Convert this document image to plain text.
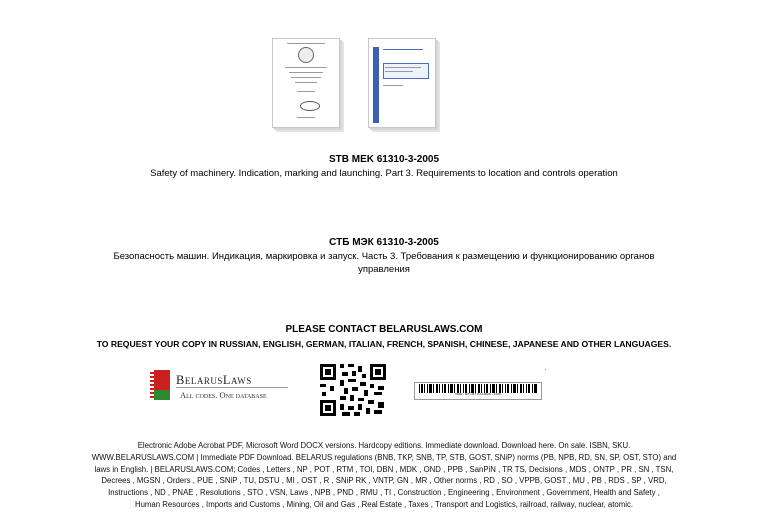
STB MEK 61310-3-2005
Safety of machinery. Indication, marking and launching. Part 3. Requirements to location and controls operation
СТБ МЭК 61310-3-2005
Безопасность машин. Индикация, маркировка и запуск. Часть 3. Требования к размещению и функционированию органов
управления
PLEASE CONTACT BELARUSLAWS.COM
TO REQUEST YOUR COPY IN RUSSIAN, ENGLISH, GERMAN, ITALIAN, FRENCH, SPANISH, CHINESE, JAPANESE AND OTHER LANGUAGES.
BelarusLaws
All codes. One database	www.BelarusLaws.com
·
Electronic Adobe Acrobat PDF, Microsoft Word DOCX versions. Hardcopy editions. Immediate download. Download here. On sale. ISBN, SKU.
WWW.BELARUSLAWS.COM | Immediate PDF Download. BELARUS regulations (BNB, TKP, SNB, TP, STB, GOST, SNiP) norms (PB, NPB, RD, SN, SP, OST, STO) and
laws in English. | BELARUSLAWS.COM; Codes , Letters , NP , POT , RTM , TOI, DBN , MDK , OND , PPB , SanPiN , TR TS, Decisions , MDS , ONTP , PR , SN , TSN,
Decrees , MGSN , Orders , PUE , SNiP , TU, DSTU , MI , OST , R , SNiP RK , VNTP, GN , MR , Other norms , RD , SO , VPPB, GOST , MU , PB , RDS , SP , VRD,
Instructions , ND , PNAE , Resolutions , STO , VSN, Laws , NPB , PND , RMU , TI , Construction , Engineering , Environment , Government, Health and Safety ,
Human Resources , Imports and Customs , Mining, Oil and Gas , Real Estate , Taxes , Transport and Logistics, railroad, railway, nuclear, atomic.
